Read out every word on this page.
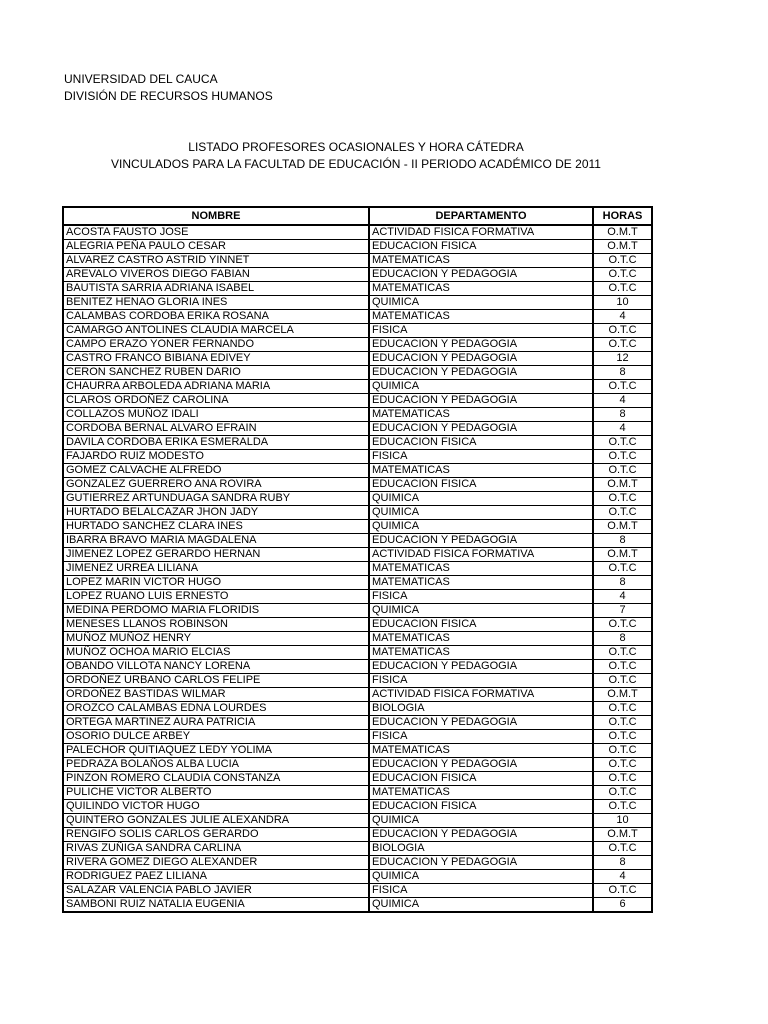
UNIVERSIDAD DEL CAUCA
DIVISIÓN DE RECURSOS HUMANOS
LISTADO PROFESORES OCASIONALES Y HORA CÁTEDRA
VINCULADOS PARA LA FACULTAD DE EDUCACIÓN - II PERIODO ACADÉMICO DE 2011
NOMBRE	DEPARTAMENTO	HORAS
ACOSTA FAUSTO JOSE	ACTIVIDAD FISICA FORMATIVA	O.M.T
ALEGRIA PEÑA PAULO CESAR	EDUCACION FISICA	O.M.T
ALVAREZ CASTRO ASTRID YINNET	MATEMATICAS	O.T.C
AREVALO VIVEROS DIEGO FABIAN	EDUCACION Y PEDAGOGIA	O.T.C
BAUTISTA SARRIA ADRIANA ISABEL	MATEMATICAS	O.T.C
BENITEZ HENAO GLORIA INES	QUIMICA	10
CALAMBAS CORDOBA ERIKA ROSANA	MATEMATICAS	4
CAMARGO ANTOLINES CLAUDIA MARCELA	FISICA	O.T.C
CAMPO ERAZO YONER FERNANDO	EDUCACION Y PEDAGOGIA	O.T.C
CASTRO FRANCO BIBIANA EDIVEY	EDUCACION Y PEDAGOGIA	12
CERON SANCHEZ RUBEN DARIO	EDUCACION Y PEDAGOGIA	8
CHAURRA ARBOLEDA ADRIANA MARIA	QUIMICA	O.T.C
CLAROS ORDOÑEZ CAROLINA	EDUCACION Y PEDAGOGIA	4
COLLAZOS MUÑOZ IDALI	MATEMATICAS	8
CORDOBA BERNAL ALVARO EFRAIN	EDUCACION Y PEDAGOGIA	4
DAVILA CORDOBA ERIKA ESMERALDA	EDUCACION FISICA	O.T.C
FAJARDO RUIZ MODESTO	FISICA	O.T.C
GOMEZ CALVACHE ALFREDO	MATEMATICAS	O.T.C
GONZALEZ GUERRERO ANA ROVIRA	EDUCACION FISICA	O.M.T
GUTIERREZ ARTUNDUAGA SANDRA RUBY	QUIMICA	O.T.C
HURTADO BELALCAZAR JHON JADY	QUIMICA	O.T.C
HURTADO SANCHEZ CLARA INES	QUIMICA	O.M.T
IBARRA BRAVO MARIA MAGDALENA	EDUCACION Y PEDAGOGIA	8
JIMENEZ LOPEZ GERARDO HERNAN	ACTIVIDAD FISICA FORMATIVA	O.M.T
JIMENEZ URREA LILIANA	MATEMATICAS	O.T.C
LOPEZ MARIN VICTOR HUGO	MATEMATICAS	8
LOPEZ RUANO LUIS ERNESTO	FISICA	4
MEDINA PERDOMO MARIA FLORIDIS	QUIMICA	7
MENESES LLANOS ROBINSON	EDUCACION FISICA	O.T.C
MUÑOZ MUÑOZ HENRY	MATEMATICAS	8
MUÑOZ OCHOA MARIO ELCIAS	MATEMATICAS	O.T.C
OBANDO VILLOTA NANCY LORENA	EDUCACION Y PEDAGOGIA	O.T.C
ORDOÑEZ URBANO CARLOS FELIPE	FISICA	O.T.C
ORDOÑEZ BASTIDAS WILMAR	ACTIVIDAD FISICA FORMATIVA	O.M.T
OROZCO CALAMBAS EDNA LOURDES	BIOLOGIA	O.T.C
ORTEGA MARTINEZ AURA PATRICIA	EDUCACION Y PEDAGOGIA	O.T.C
OSORIO DULCE ARBEY	FISICA	O.T.C
PALECHOR QUITIAQUEZ LEDY YOLIMA	MATEMATICAS	O.T.C
PEDRAZA BOLAÑOS ALBA LUCIA	EDUCACION Y PEDAGOGIA	O.T.C
PINZON ROMERO CLAUDIA CONSTANZA	EDUCACION FISICA	O.T.C
PULICHE VICTOR ALBERTO	MATEMATICAS	O.T.C
QUILINDO VICTOR HUGO	EDUCACION FISICA	O.T.C
QUINTERO GONZALES JULIE ALEXANDRA	QUIMICA	10
RENGIFO SOLIS CARLOS GERARDO	EDUCACION Y PEDAGOGIA	O.M.T
RIVAS ZUÑIGA SANDRA CARLINA	BIOLOGIA	O.T.C
RIVERA GOMEZ DIEGO ALEXANDER	EDUCACION Y PEDAGOGIA	8
RODRIGUEZ PAEZ LILIANA	QUIMICA	4
SALAZAR VALENCIA PABLO JAVIER	FISICA	O.T.C
SAMBONI RUIZ NATALIA EUGENIA	QUIMICA	6
